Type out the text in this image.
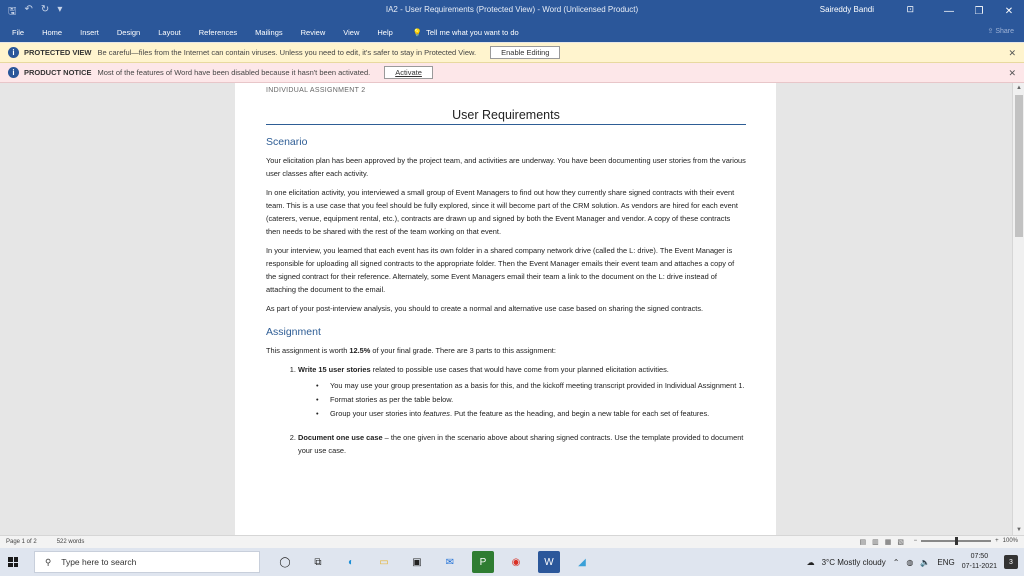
🖫 ↶ ↻ ▾	IA2 - User Requirements (Protected View) - Word (Unlicensed Product)	Saireddy Bandi	⊡	—	❐	✕
File Home Insert Design Layout References Mailings Review View Help	💡 Tell me what you want to do	⇪ Share
i	PROTECTED VIEW Be careful—files from the Internet can contain viruses. Unless you need to edit, it's safer to stay in Protected View.	Enable Editing	✕
i	PRODUCT NOTICE Most of the features of Word have been disabled because it hasn't been activated.	Activate	✕
INDIVIDUAL ASSIGNMENT 2
User Requirements
Scenario
Your elicitation plan has been approved by the project team, and activities are underway. You have been documenting user stories from the various user classes after each activity.
In one elicitation activity, you interviewed a small group of Event Managers to find out how they currently share signed contracts with their event team. This is a use case that you feel should be fully explored, since it will become part of the CRM solution. As vendors are hired for each event (caterers, venue, equipment rental, etc.), contracts are drawn up and signed by both the Event Manager and vendor. A copy of these contracts then needs to be shared with the rest of the team working on that event.
In your interview, you learned that each event has its own folder in a shared company network drive (called the L: drive). The Event Manager is responsible for uploading all signed contracts to the appropriate folder. Then the Event Manager emails their event team and attaches a copy of the signed contract for their reference. Alternately, some Event Managers email their team a link to the document on the L: drive instead of attaching the document to the email.
As part of your post-interview analysis, you should to create a normal and alternative use case based on sharing the signed contracts.
Assignment
This assignment is worth 12.5% of your final grade. There are 3 parts to this assignment:
1. Write 15 user stories related to possible use cases that would have come from your planned elicitation activities.
• You may use your group presentation as a basis for this, and the kickoff meeting transcript provided in Individual Assignment 1.
• Format stories as per the table below.
• Group your user stories into features. Put the feature as the heading, and begin a new table for each set of features.
2. Document one use case – the one given in the scenario above about sharing signed contracts. Use the template provided to document your use case.
▲
▼
Page 1 of 2	522 words	▤ ▥ ▦ ▧ −	+ 100%
⚲ Type here to search	◯	⧉	◐	▭	▣	✉	P	◉	W	◢	☁ 3°C Mostly cloudy ⌃ ◍ 🔈 ENG
07:50
07-11-2021
3
